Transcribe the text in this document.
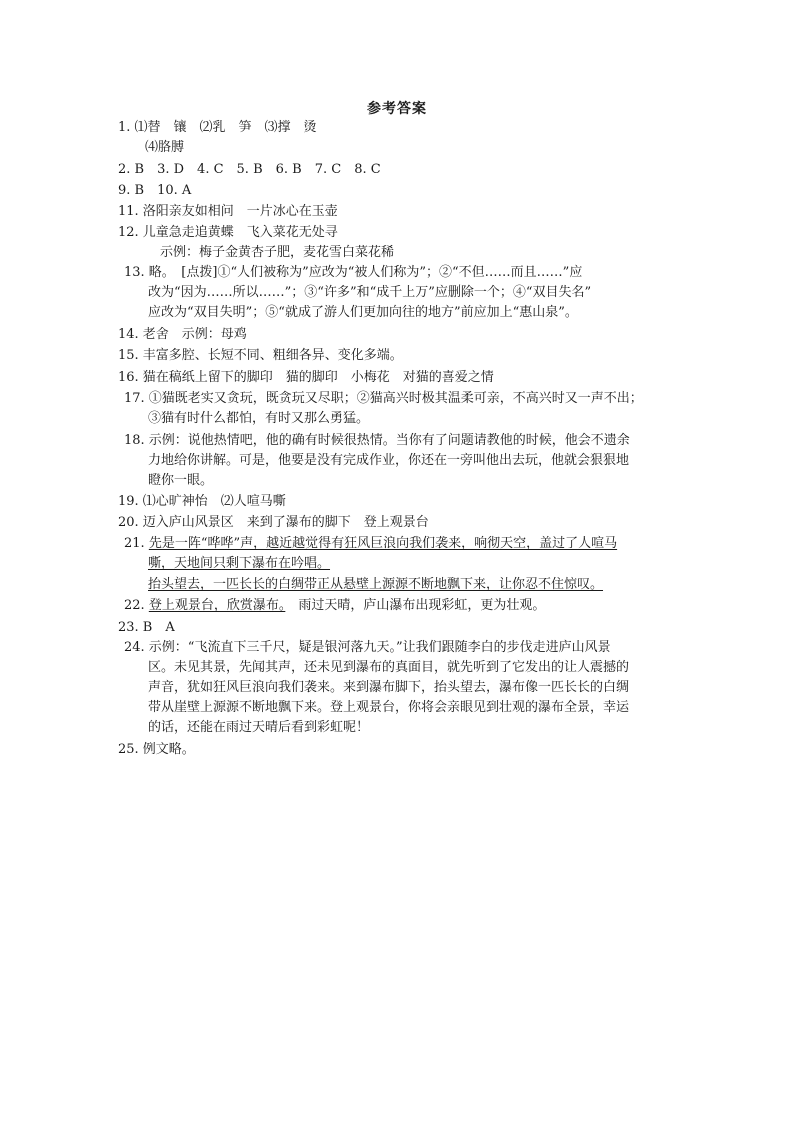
参考答案
1. ⑴替　镶　⑵乳　笋　⑶撑　烫
⑷胳膊
2. B　3. D　4. C　5. B　6. B　7. C　8. C
9. B　10. A
11. 洛阳亲友如相问　一片冰心在玉壶
12. 儿童急走追黄蝶　飞入菜花无处寻
示例：梅子金黄杏子肥，麦花雪白菜花稀
13. 略。　[点拨]①“人们被称为”应改为“被人们称为”；②“不但……而且……”应
改为“因为……所以……”；③“许多”和“成千上万”应删除一个；④“双目失名”
应改为“双目失明”；⑤“就成了游人们更加向往的地方”前应加上“惠山泉”。
14. 老舍　示例：母鸡
15. 丰富多腔、长短不同、粗细各异、变化多端。
16. 猫在稿纸上留下的脚印　猫的脚印　小梅花　对猫的喜爱之情
17. ①猫既老实又贪玩，既贪玩又尽职；②猫高兴时极其温柔可亲，不高兴时又一声不出；
③猫有时什么都怕，有时又那么勇猛。
18. 示例：说他热情吧，他的确有时候很热情。当你有了问题请教他的时候，他会不遗余
力地给你讲解。可是，他要是没有完成作业，你还在一旁叫他出去玩，他就会狠狠地
瞪你一眼。
19. ⑴心旷神怡　⑵人喧马嘶
20. 迈入庐山风景区　来到了瀑布的脚下　登上观景台
21. 先是一阵“哗哗”声，越近越觉得有狂风巨浪向我们袭来，响彻天空，盖过了人喧马
嘶，天地间只剩下瀑布在吟唱。
抬头望去，一匹长长的白绸带正从悬壁上源源不断地飘下来，让你忍不住惊叹。
22. 登上观景台，欣赏瀑布。　雨过天晴，庐山瀑布出现彩虹，更为壮观。
23. B　A
24. 示例：“飞流直下三千尺，疑是银河落九天。”让我们跟随李白的步伐走进庐山风景
区。未见其景，先闻其声，还未见到瀑布的真面目，就先听到了它发出的让人震撼的
声音，犹如狂风巨浪向我们袭来。来到瀑布脚下，抬头望去，瀑布像一匹长长的白绸
带从崖壁上源源不断地飘下来。登上观景台，你将会亲眼见到壮观的瀑布全景，幸运
的话，还能在雨过天晴后看到彩虹呢！
25. 例文略。
